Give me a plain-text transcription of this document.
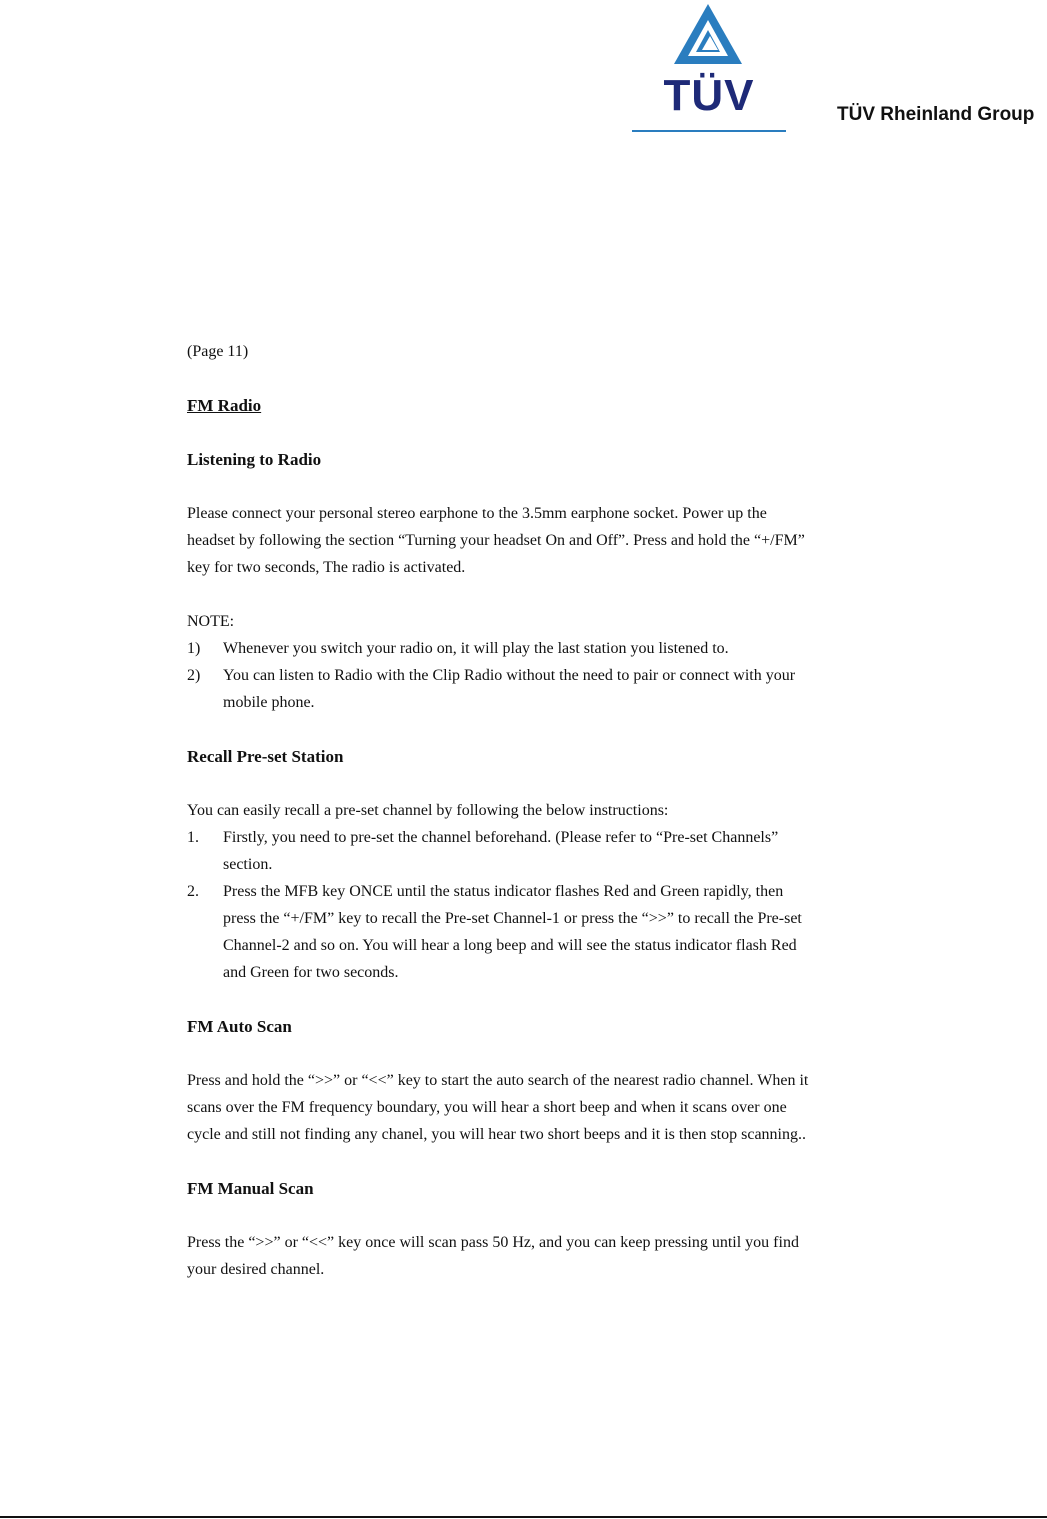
TÜV	TÜV Rheinland Group

(Page 11)

FM Radio

Listening to Radio

Please connect your personal stereo earphone to the 3.5mm earphone socket. Power up the headset by following the section “Turning your headset On and Off”. Press and hold the “+/FM” key for two seconds, The radio is activated.

NOTE:

1) Whenever you switch your radio on, it will play the last station you listened to.
2) You can listen to Radio with the Clip Radio without the need to pair or connect with your mobile phone.

Recall Pre-set Station

You can easily recall a pre-set channel by following the below instructions:

1. Firstly, you need to pre-set the channel beforehand. (Please refer to “Pre-set Channels” section.
2. Press the MFB key ONCE until the status indicator flashes Red and Green rapidly, then press the “+/FM” key to recall the Pre-set Channel-1 or press the “>>” to recall the Pre-set Channel-2 and so on. You will hear a long beep and will see the status indicator flash Red and Green for two seconds.

FM Auto Scan

Press and hold the “>>” or “<<” key to start the auto search of the nearest radio channel. When it scans over the FM frequency boundary, you will hear a short beep and when it scans over one cycle and still not finding any chanel, you will hear two short beeps and it is then stop scanning..

FM Manual Scan

Press the “>>” or “<<” key once will scan pass 50 Hz, and you can keep pressing until you find your desired channel.
